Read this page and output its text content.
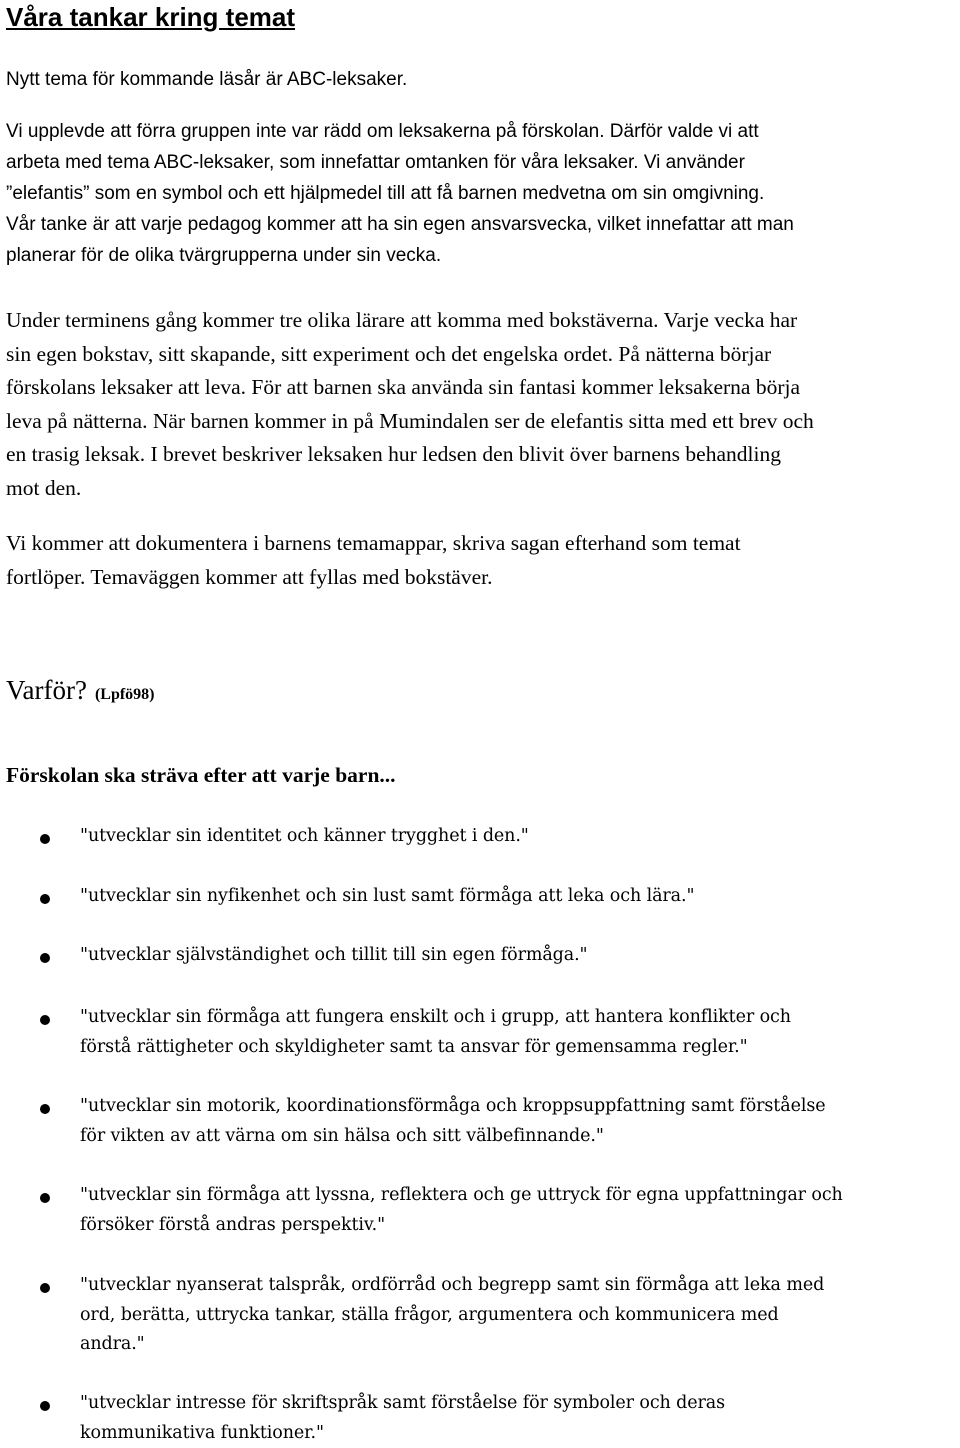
Våra tankar kring temat

Nytt tema för kommande läsår är ABC-leksaker.

Vi upplevde att förra gruppen inte var rädd om leksakerna på förskolan. Därför valde vi att
arbeta med tema ABC-leksaker, som innefattar omtanken för våra leksaker. Vi använder
”elefantis” som en symbol och ett hjälpmedel till att få barnen medvetna om sin omgivning.
Vår tanke är att varje pedagog kommer att ha sin egen ansvarsvecka, vilket innefattar att man
planerar för de olika tvärgrupperna under sin vecka.

Under terminens gång kommer tre olika lärare att komma med bokstäverna. Varje vecka har
sin egen bokstav, sitt skapande, sitt experiment och det engelska ordet. På nätterna börjar
förskolans leksaker att leva. För att barnen ska använda sin fantasi kommer leksakerna börja
leva på nätterna. När barnen kommer in på Mumindalen ser de elefantis sitta med ett brev och
en trasig leksak. I brevet beskriver leksaken hur ledsen den blivit över barnens behandling
mot den.

Vi kommer att dokumentera i barnens temamappar, skriva sagan efterhand som temat
fortlöper. Temaväggen kommer att fyllas med bokstäver.

Varför? (Lpfö98)
Förskolan ska sträva efter att varje barn...

"utvecklar sin identitet och känner trygghet i den."

"utvecklar sin nyfikenhet och sin lust samt förmåga att leka och lära."

"utvecklar självständighet och tillit till sin egen förmåga."

"utvecklar sin förmåga att fungera enskilt och i grupp, att hantera konflikter och
förstå rättigheter och skyldigheter samt ta ansvar för gemensamma regler."

"utvecklar sin motorik, koordinationsförmåga och kroppsuppfattning samt förståelse
för vikten av att värna om sin hälsa och sitt välbefinnande."

"utvecklar sin förmåga att lyssna, reflektera och ge uttryck för egna uppfattningar och
försöker förstå andras perspektiv."

"utvecklar nyanserat talspråk, ordförråd och begrepp samt sin förmåga att leka med
ord, berätta, uttrycka tankar, ställa frågor, argumentera och kommunicera med
andra."

"utvecklar intresse för skriftspråk samt förståelse för symboler och deras
kommunikativa funktioner."
